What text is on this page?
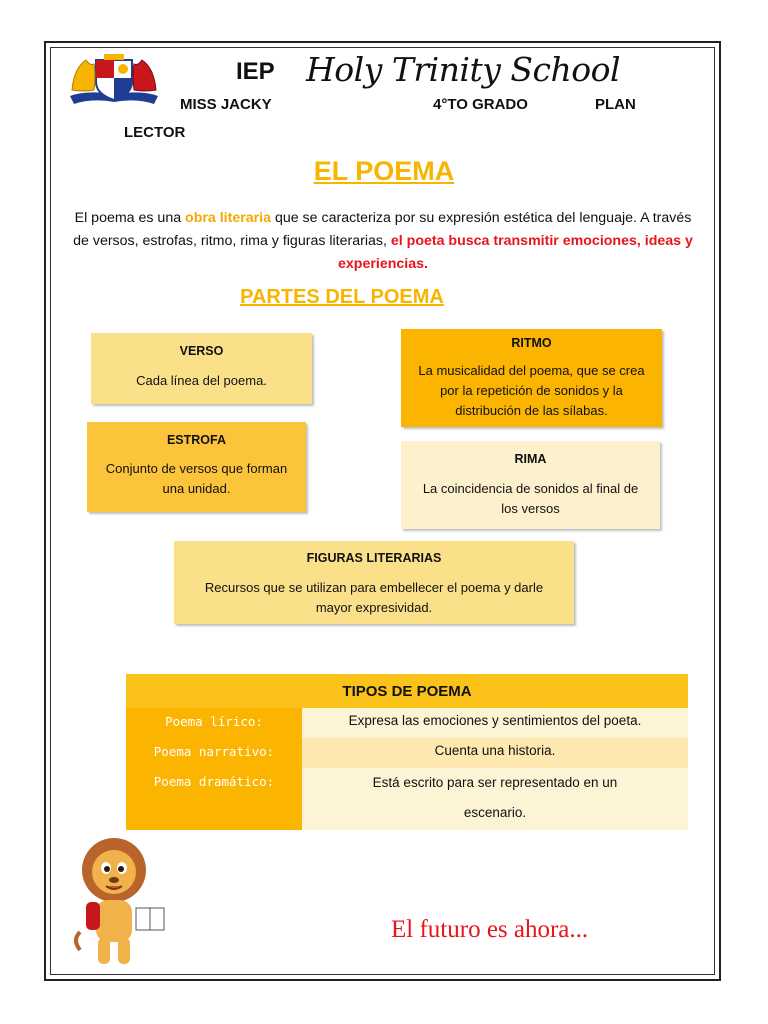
IEP Holy Trinity School
MISS JACKY	4°TO GRADO	PLAN
LECTOR
EL POEMA
El poema es una obra literaria que se caracteriza por su expresión estética del lenguaje. A través de versos, estrofas, ritmo, rima y figuras literarias, el poeta busca transmitir emociones, ideas y experiencias.
PARTES DEL POEMA
VERSO
Cada línea del poema.
RITMO
La musicalidad del poema, que se crea por la repetición de sonidos y la distribución de las sílabas.
ESTROFA
Conjunto de versos que forman una unidad.
RIMA
La coincidencia de sonidos al final de los versos
FIGURAS LITERARIAS
Recursos que se utilizan para embellecer el poema y darle mayor expresividad.
TIPOS DE POEMA	
Poema lírico:	Expresa las emociones y sentimientos del poeta.
Poema narrativo:	Cuenta una historia.
Poema dramático:	Está escrito para ser representado en un
escenario.
El futuro es ahora...
